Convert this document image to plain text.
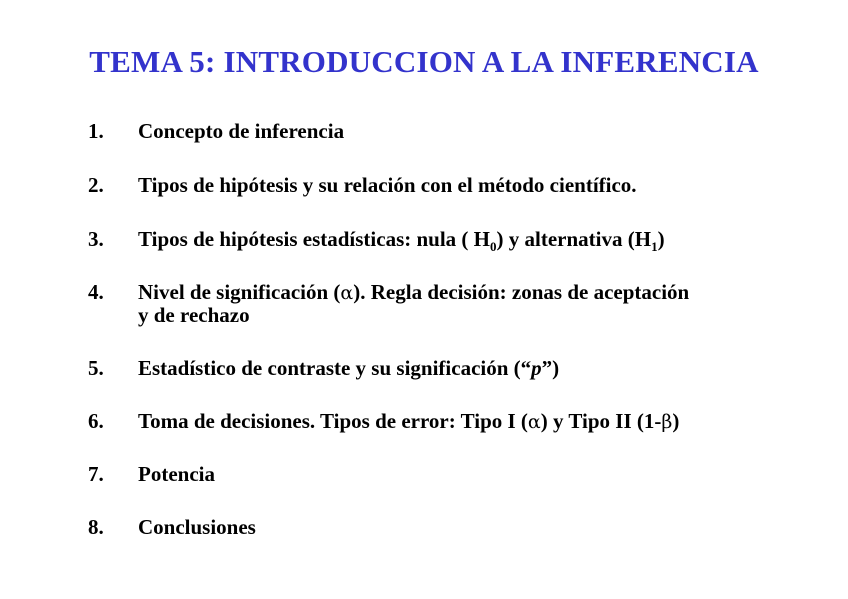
TEMA 5: INTRODUCCION A LA INFERENCIA
1. Concepto de inferencia
2. Tipos de hipótesis y su relación con el método científico.
3. Tipos de hipótesis estadísticas: nula ( $H_0$) y alternativa $(H_1)$
4. Nivel de significación (α). Regla decisión: zonas de aceptación
y de rechazo
5. Estadístico de contraste y su significación (“p”)
6. Toma de decisiones. Tipos de error: Tipo I (α) y Tipo II (1-β)
7. Potencia
8. Conclusiones
